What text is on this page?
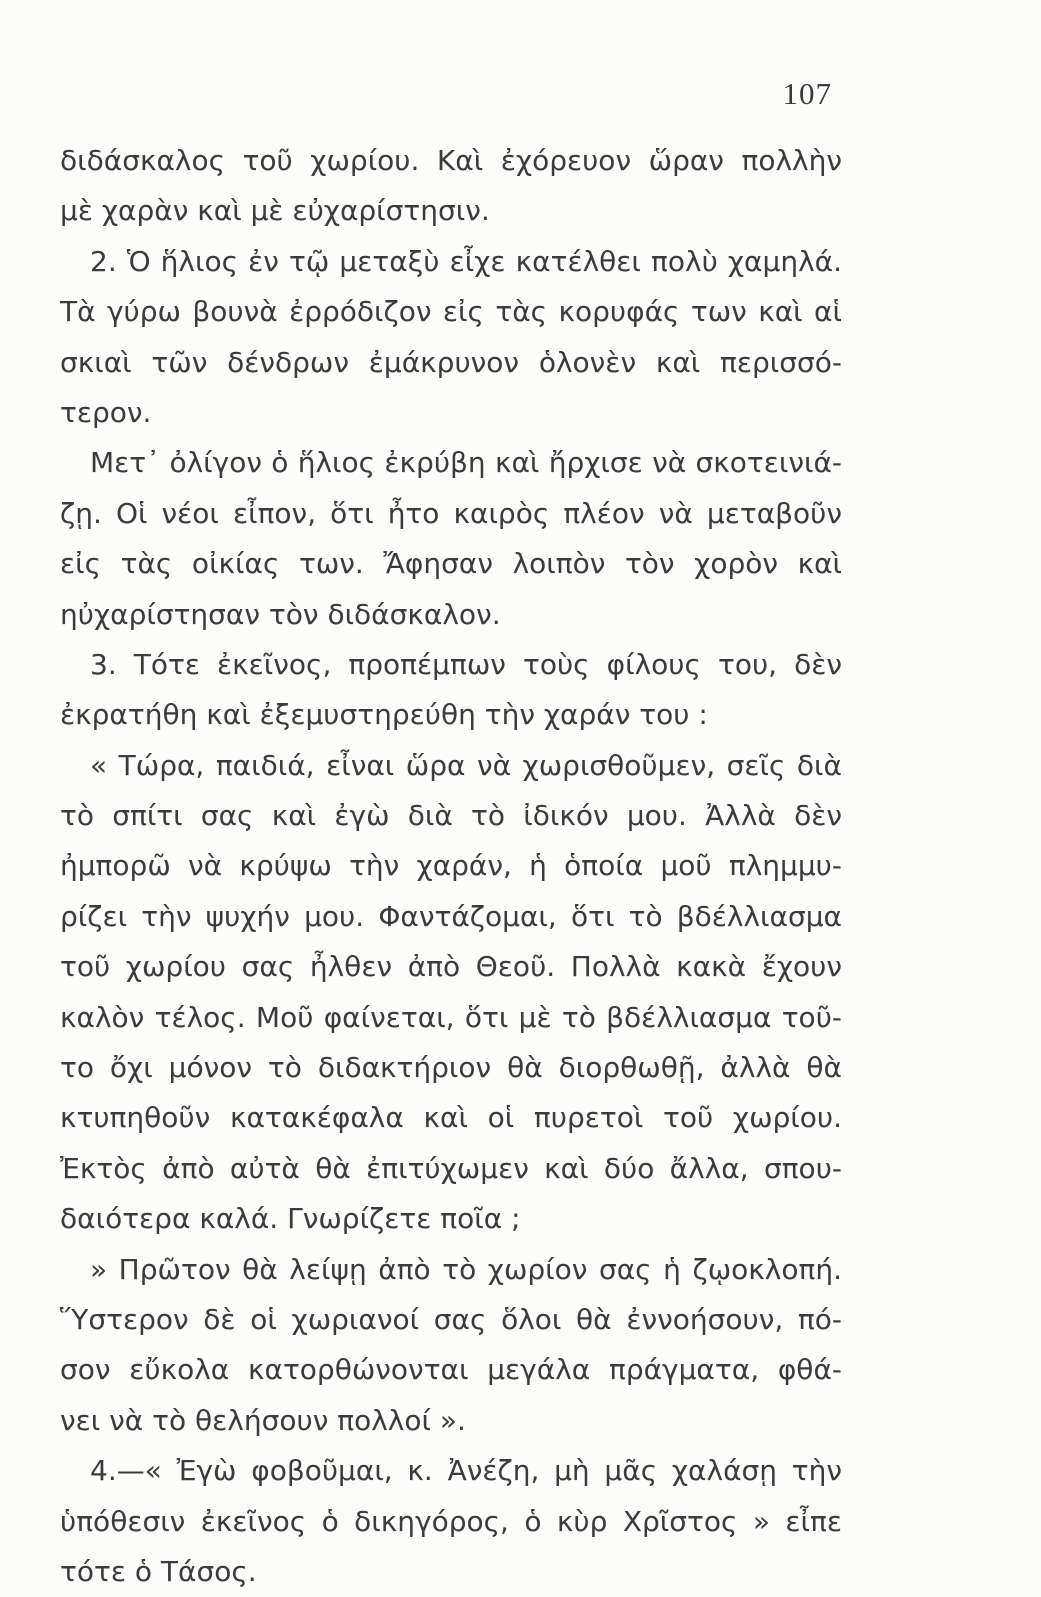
107
διδάσκαλος τοῦ χωρίου. Καὶ ἐχόρευον ὥραν πολλὴν
μὲ χαρὰν καὶ μὲ εὐχαρίστησιν.
2. Ὁ ἥλιος ἐν τῷ μεταξὺ εἶχε κατέλθει πολὺ χαμηλά.
Τὰ γύρω βουνὰ ἐρρόδιζον εἰς τὰς κορυφάς των καὶ αἱ
σκιαὶ τῶν δένδρων ἐμάκρυνον ὁλονὲν καὶ περισσό-
τερον.
Μετ᾽ ὀλίγον ὁ ἥλιος ἐκρύβη καὶ ἤρχισε νὰ σκοτεινιά-
ζῃ. Οἱ νέοι εἶπον, ὅτι ἦτο καιρὸς πλέον νὰ μεταβοῦν
εἰς τὰς οἰκίας των. Ἄφησαν λοιπὸν τὸν χορὸν καὶ
ηὐχαρίστησαν τὸν διδάσκαλον.
3. Τότε ἐκεῖνος, προπέμπων τοὺς φίλους του, δὲν
ἐκρατήθη καὶ ἐξεμυστηρεύθη τὴν χαράν του :
« Τώρα, παιδιά, εἶναι ὥρα νὰ χωρισθοῦμεν, σεῖς διὰ
τὸ σπίτι σας καὶ ἐγὼ διὰ τὸ ἰδικόν μου. Ἀλλὰ δὲν
ἠμπορῶ νὰ κρύψω τὴν χαράν, ἡ ὁποία μοῦ πλημμυ-
ρίζει τὴν ψυχήν μου. Φαντάζομαι, ὅτι τὸ βδέλλιασμα
τοῦ χωρίου σας ἦλθεν ἀπὸ Θεοῦ. Πολλὰ κακὰ ἔχουν
καλὸν τέλος. Μοῦ φαίνεται, ὅτι μὲ τὸ βδέλλιασμα τοῦ-
το ὄχι μόνον τὸ διδακτήριον θὰ διορθωθῇ, ἀλλὰ θὰ
κτυπηθοῦν κατακέφαλα καὶ οἱ πυρετοὶ τοῦ χωρίου.
Ἐκτὸς ἀπὸ αὐτὰ θὰ ἐπιτύχωμεν καὶ δύο ἄλλα, σπου-
δαιότερα καλά. Γνωρίζετε ποῖα ;
» Πρῶτον θὰ λείψῃ ἀπὸ τὸ χωρίον σας ἡ ζῳοκλοπή.
Ὕστερον δὲ οἱ χωριανοί σας ὅλοι θὰ ἐννοήσουν, πό-
σον εὔκολα κατορθώνονται μεγάλα πράγματα, φθά-
νει νὰ τὸ θελήσουν πολλοί ».
4.—« Ἐγὼ φοβοῦμαι, κ. Ἀνέζη, μὴ μᾶς χαλάσῃ τὴν
ὑπόθεσιν ἐκεῖνος ὁ δικηγόρος, ὁ κὺρ Χρῖστος » εἶπε
τότε ὁ Τάσος.
